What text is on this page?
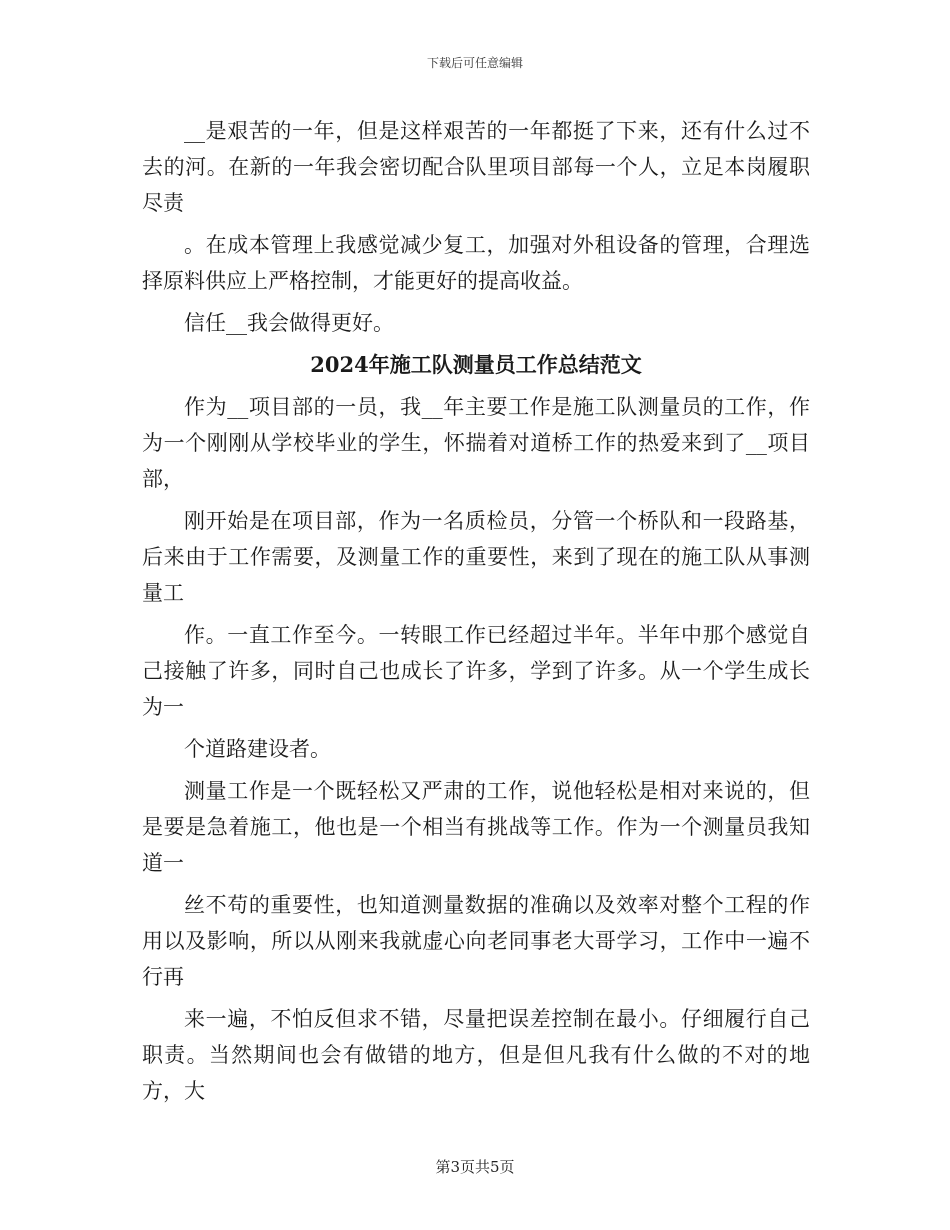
下载后可任意编辑

__是艰苦的一年，但是这样艰苦的一年都挺了下来，还有什么过不去的河。在新的一年我会密切配合队里项目部每一个人，立足本岗履职尽责

。在成本管理上我感觉减少复工，加强对外租设备的管理，合理选择原料供应上严格控制，才能更好的提高收益。

信任__我会做得更好。

2024年施工队测量员工作总结范文

作为__项目部的一员，我__年主要工作是施工队测量员的工作，作为一个刚刚从学校毕业的学生，怀揣着对道桥工作的热爱来到了__项目部，

刚开始是在项目部，作为一名质检员，分管一个桥队和一段路基，后来由于工作需要，及测量工作的重要性，来到了现在的施工队从事测量工

作。一直工作至今。一转眼工作已经超过半年。半年中那个感觉自己接触了许多，同时自己也成长了许多，学到了许多。从一个学生成长为一

个道路建设者。

测量工作是一个既轻松又严肃的工作，说他轻松是相对来说的，但是要是急着施工，他也是一个相当有挑战等工作。作为一个测量员我知道一

丝不苟的重要性，也知道测量数据的准确以及效率对整个工程的作用以及影响，所以从刚来我就虚心向老同事老大哥学习，工作中一遍不行再

来一遍，不怕反但求不错，尽量把误差控制在最小。仔细履行自己职责。当然期间也会有做错的地方，但是但凡我有什么做的不对的地方，大

第3页共5页
